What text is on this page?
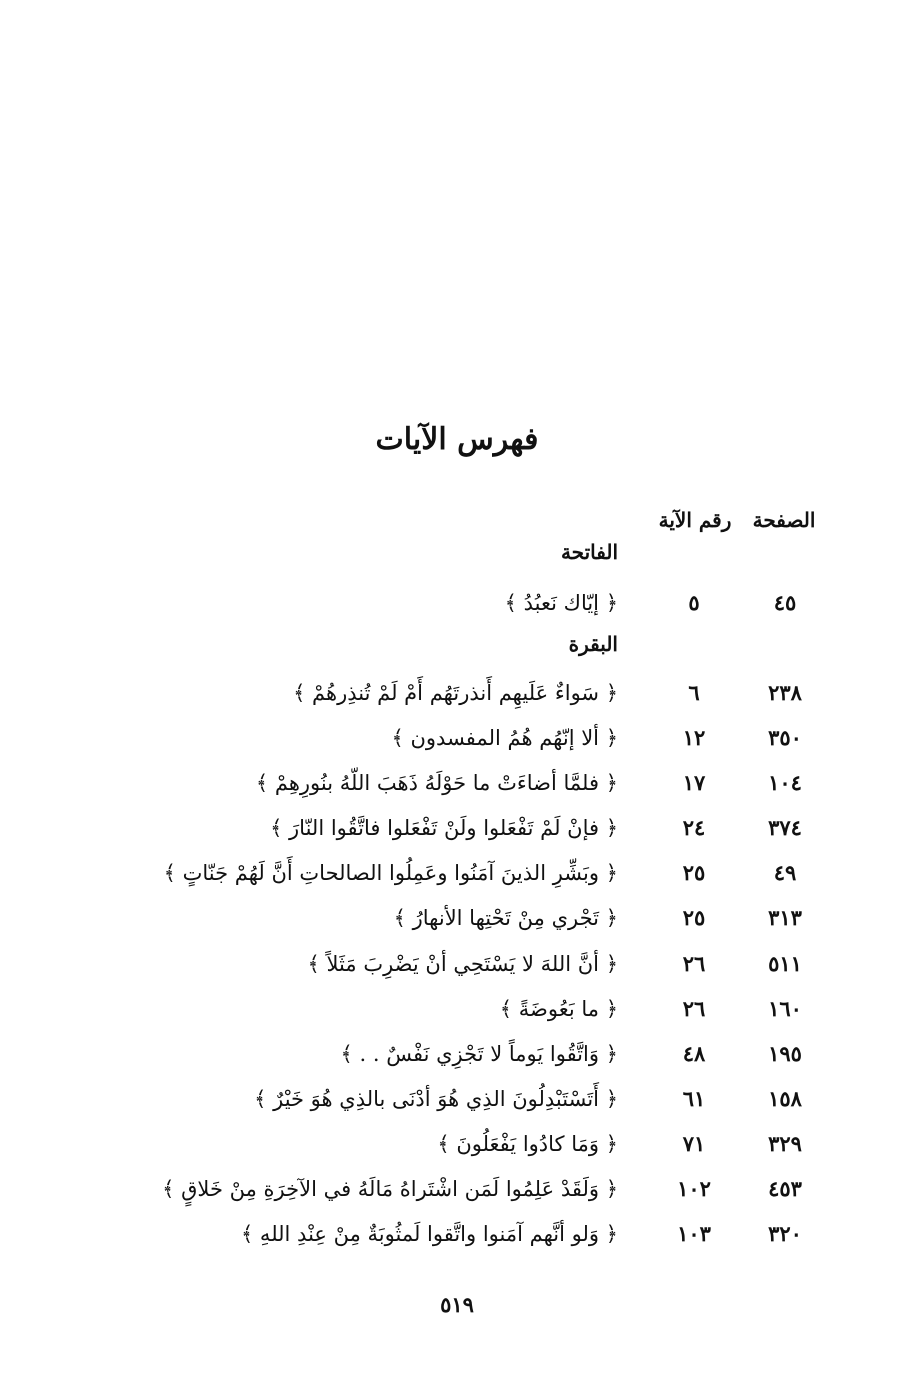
فهرس الآيات
الصفحة
رقم الآية
الفاتحة
٤٥
٥
﴿ إيّاك نَعبُدُ ﴾
البقرة
٢٣٨
٦
﴿ سَواءٌ عَلَيهِم أَنذرتَهُم أَمْ لَمْ تُنذِرهُمْ ﴾
٣٥٠
١٢
﴿ ألا إنّهُم هُمُ المفسدون ﴾
١٠٤
١٧
﴿ فلمَّا أضاءَتْ ما حَوْلَهُ ذَهَبَ اللّهُ بنُورِهِمْ ﴾
٣٧٤
٢٤
﴿ فإنْ لَمْ تَفْعَلوا ولَنْ تَفْعَلوا فاتَّقُوا النّارَ ﴾
٤٩
٢٥
﴿ وبَشِّرِ الذينَ آمَنُوا وعَمِلُوا الصالحاتِ أَنَّ لَهُمْ جَنّاتٍ ﴾
٣١٣
٢٥
﴿ تَجْري مِنْ تَحْتِها الأنهارُ ﴾
٥١١
٢٦
﴿ أنَّ اللهَ لا يَسْتَحِي أنْ يَضْرِبَ مَثَلاً ﴾
١٦٠
٢٦
﴿ ما بَعُوضَةً ﴾
١٩٥
٤٨
﴿ وَاتَّقُوا يَوماً لا تَجْزِي نَفْسٌ . . ﴾
١٥٨
٦١
﴿ أَتَسْتَبْدِلُونَ الذِي هُوَ أدْنَى بالذِي هُوَ خَيْرٌ ﴾
٣٢٩
٧١
﴿ وَمَا كادُوا يَفْعَلُونَ ﴾
٤٥٣
١٠٢
﴿ وَلَقَدْ عَلِمُوا لَمَن اشْتَراهُ مَالَهُ في الآخِرَةِ مِنْ خَلاقٍ ﴾
٣٢٠
١٠٣
﴿ وَلو أنَّهم آمَنوا واتَّقوا لَمثُوبَةٌ مِنْ عِنْدِ اللهِ ﴾
٥١٩
